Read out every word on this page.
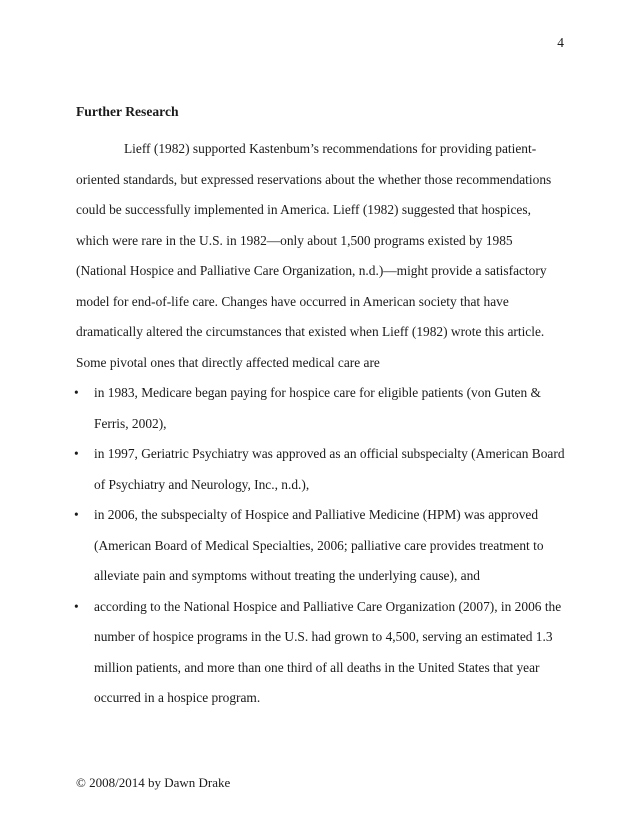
4
Further Research

Lieff (1982) supported Kastenbum’s recommendations for providing patient-oriented standards, but expressed reservations about the whether those recommendations could be successfully implemented in America. Lieff (1982) suggested that hospices, which were rare in the U.S. in 1982—only about 1,500 programs existed by 1985 (National Hospice and Palliative Care Organization, n.d.)—might provide a satisfactory model for end-of-life care. Changes have occurred in American society that have dramatically altered the circumstances that existed when Lieff (1982) wrote this article. Some pivotal ones that directly affected medical care are

• in 1983, Medicare began paying for hospice care for eligible patients (von Guten & Ferris, 2002),
• in 1997, Geriatric Psychiatry was approved as an official subspecialty (American Board of Psychiatry and Neurology, Inc., n.d.),
• in 2006, the subspecialty of Hospice and Palliative Medicine (HPM) was approved (American Board of Medical Specialties, 2006; palliative care provides treatment to alleviate pain and symptoms without treating the underlying cause), and
• according to the National Hospice and Palliative Care Organization (2007), in 2006 the number of hospice programs in the U.S. had grown to 4,500, serving an estimated 1.3 million patients, and more than one third of all deaths in the United States that year occurred in a hospice program.
© 2008/2014 by Dawn Drake
